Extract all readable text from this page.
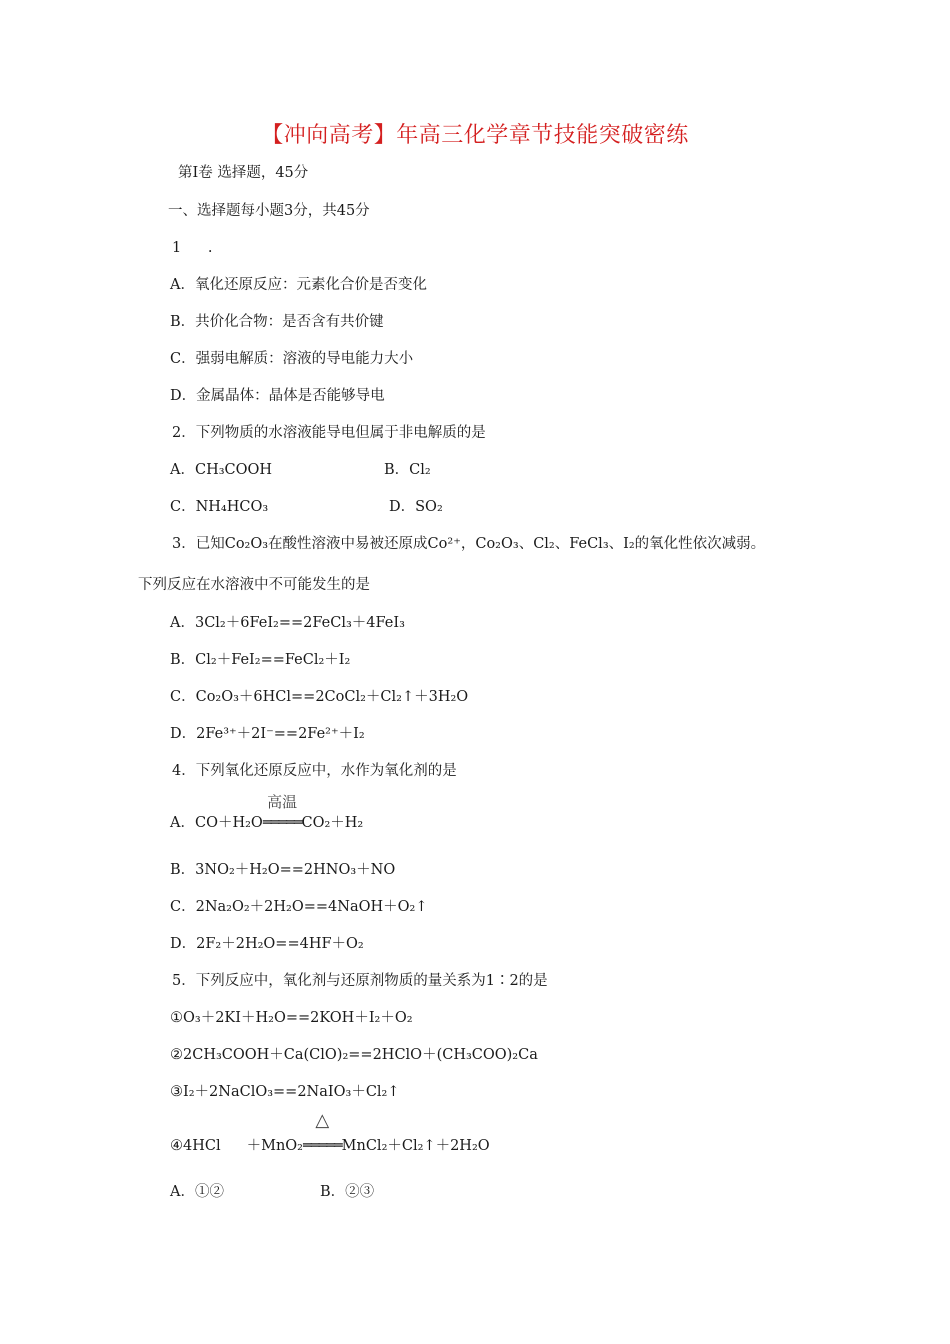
【冲向高考】年高三化学章节技能突破密练
第Ⅰ卷 选择题，45分
一、选择题每小题3分，共45分
1 .
A．氧化还原反应：元素化合价是否变化
B．共价化合物：是否含有共价键
C．强弱电解质：溶液的导电能力大小
D．金属晶体：晶体是否能够导电
2．下列物质的水溶液能导电但属于非电解质的是
A．CH₃COOH	B．Cl₂
C．NH₄HCO₃	D．SO₂
3．已知Co₂O₃在酸性溶液中易被还原成Co²⁺，Co₂O₃、Cl₂、FeCl₃、I₂的氧化性依次减弱。
下列反应在水溶液中不可能发生的是
A．3Cl₂＋6FeI₂==2FeCl₃＋4FeI₃
B．Cl₂＋FeI₂==FeCl₂＋I₂
C．Co₂O₃＋6HCl==2CoCl₂＋Cl₂↑＋3H₂O
D．2Fe³⁺＋2I⁻==2Fe²⁺＋I₂
4．下列氧化还原反应中，水作为氧化剂的是
A．CO＋H₂O
高温
═════CO₂＋H₂
B．3NO₂＋H₂O==2HNO₃＋NO
C．2Na₂O₂＋2H₂O==4NaOH＋O₂↑
D．2F₂＋2H₂O==4HF＋O₂
5．下列反应中，氧化剂与还原剂物质的量关系为1∶2的是
①O₃＋2KI＋H₂O==2KOH＋I₂＋O₂
②2CH₃COOH＋Ca(ClO)₂==2HClO＋(CH₃COO)₂Ca
③I₂＋2NaClO₃==2NaIO₃＋Cl₂↑
④4HCl ＋MnO₂
△
═════MnCl₂＋Cl₂↑＋2H₂O
A．①②	B．②③
